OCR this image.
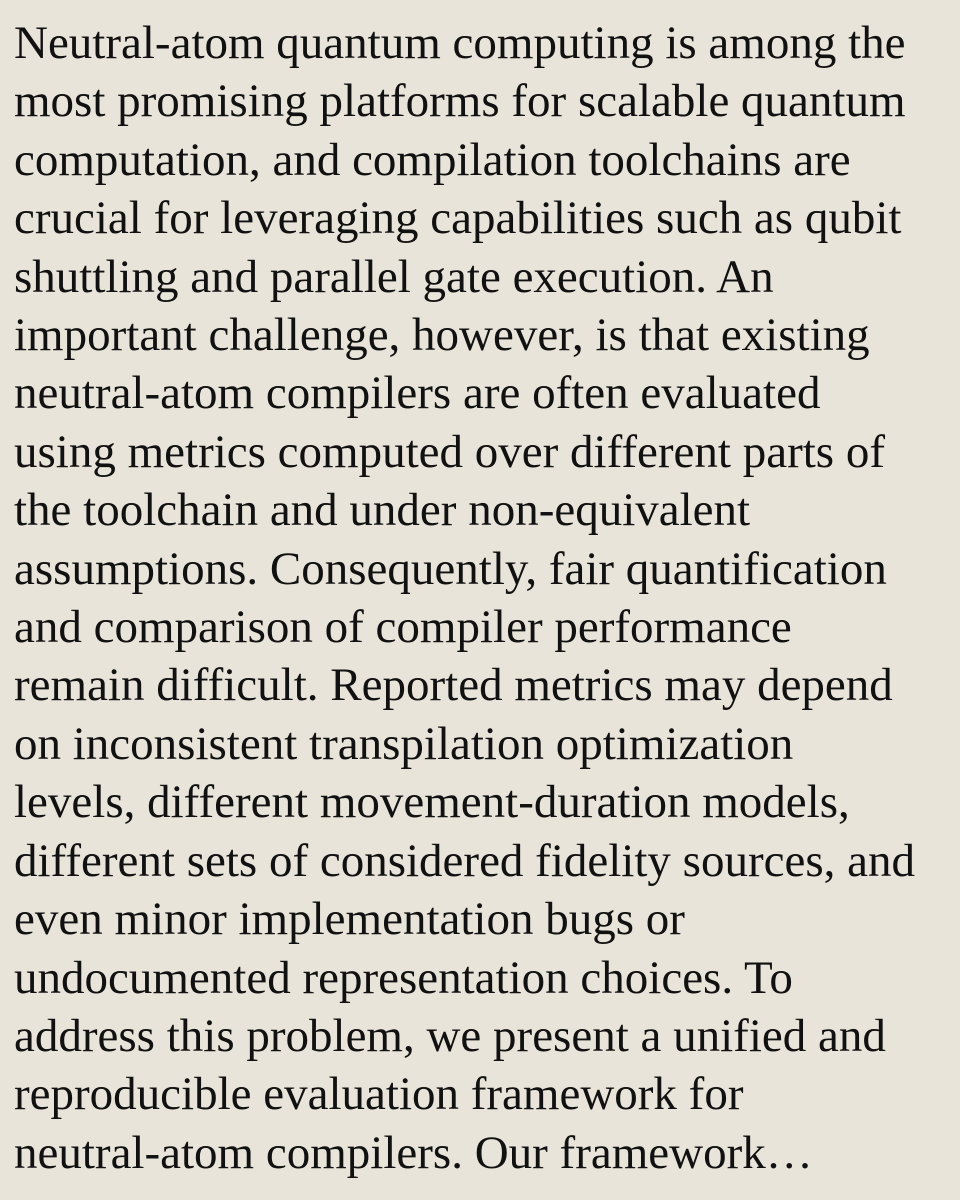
Neutral-atom quantum computing is among the
most promising platforms for scalable quantum
computation, and compilation toolchains are
crucial for leveraging capabilities such as qubit
shuttling and parallel gate execution. An
important challenge, however, is that existing
neutral-atom compilers are often evaluated
using metrics computed over different parts of
the toolchain and under non-equivalent
assumptions. Consequently, fair quantification
and comparison of compiler performance
remain difficult. Reported metrics may depend
on inconsistent transpilation optimization
levels, different movement-duration models,
different sets of considered fidelity sources, and
even minor implementation bugs or
undocumented representation choices. To
address this problem, we present a unified and
reproducible evaluation framework for
neutral-atom compilers. Our framework…
